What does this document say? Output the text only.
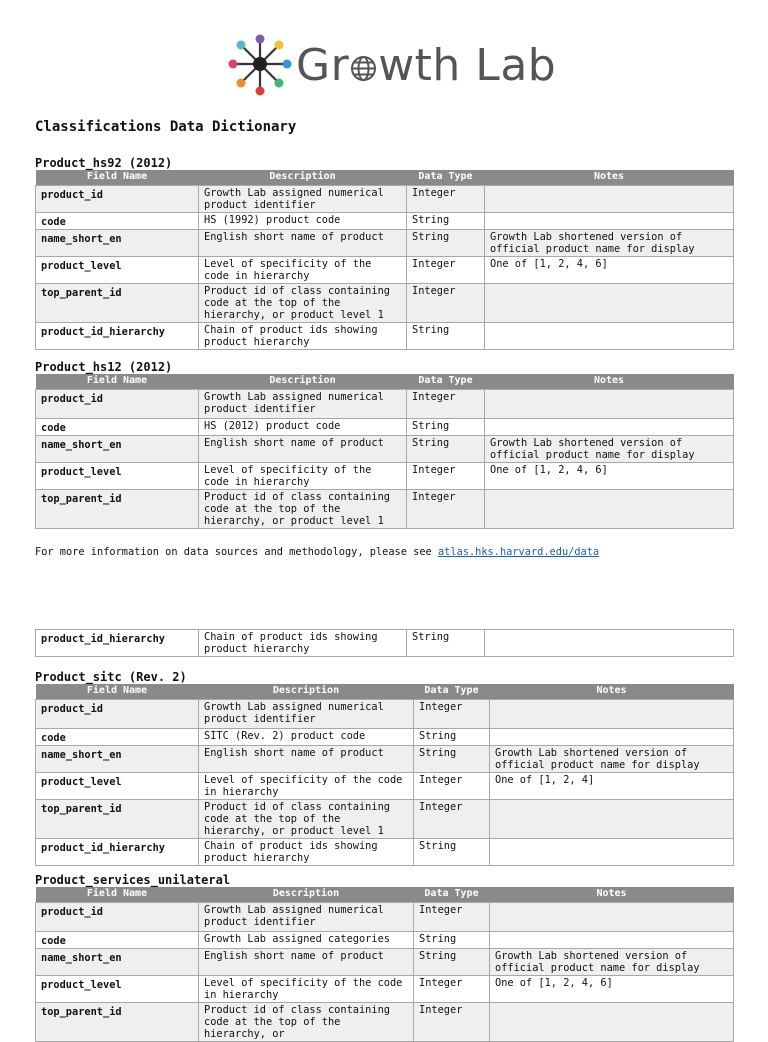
Gr wth Lab
Classifications Data Dictionary
Product_hs92 (2012)
Field Name	Description	Data Type	Notes
product_id	Growth Lab assigned numerical product identifier	Integer	
code	HS (1992) product code	String	
name_short_en	English short name of product	String	Growth Lab shortened version of official product name for display
product_level	Level of specificity of the code in hierarchy	Integer	One of [1, 2, 4, 6]
top_parent_id	Product id of class containing code at the top of the hierarchy, or product level 1	Integer	
product_id_hierarchy	Chain of product ids showing product hierarchy	String	
Product_hs12 (2012)
Field Name	Description	Data Type	Notes
product_id	Growth Lab assigned numerical product identifier	Integer	
code	HS (2012) product code	String	
name_short_en	English short name of product	String	Growth Lab shortened version of official product name for display
product_level	Level of specificity of the code in hierarchy	Integer	One of [1, 2, 4, 6]
top_parent_id	Product id of class containing code at the top of the hierarchy, or product level 1	Integer	
product_id_hierarchy	Chain of product ids showing product hierarchy	String	
Product_sitc (Rev. 2)
Field Name	Description	Data Type	Notes
product_id	Growth Lab assigned numerical product identifier	Integer	
code	SITC (Rev. 2) product code	String	
name_short_en	English short name of product	String	Growth Lab shortened version of official product name for display
product_level	Level of specificity of the code in hierarchy	Integer	One of [1, 2, 4]
top_parent_id	Product id of class containing code at the top of the hierarchy, or product level 1	Integer	
product_id_hierarchy	Chain of product ids showing product hierarchy	String	
Product_services_unilateral
Field Name	Description	Data Type	Notes
product_id	Growth Lab assigned numerical product identifier	Integer	
code	Growth Lab assigned categories	String	
name_short_en	English short name of product	String	Growth Lab shortened version of official product name for display
product_level	Level of specificity of the code in hierarchy	Integer	One of [1, 2, 4, 6]
top_parent_id	Product id of class containing code at the top of the hierarchy, or	Integer	
For more information on data sources and methodology, please see atlas.hks.harvard.edu/data
